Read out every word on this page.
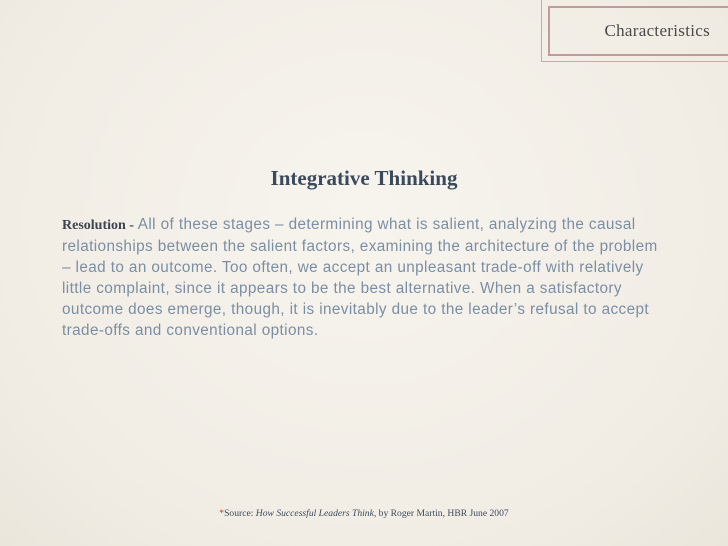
Characteristics
Integrative Thinking
Resolution - All of these stages – determining what is salient, analyzing the causal relationships between the salient factors, examining the architecture of the problem – lead to an outcome. Too often, we accept an unpleasant trade-off with relatively little complaint, since it appears to be the best alternative. When a satisfactory outcome does emerge, though, it is inevitably due to the leader’s refusal to accept trade-offs and conventional options.
*Source: How Successful Leaders Think, by Roger Martin, HBR June 2007
